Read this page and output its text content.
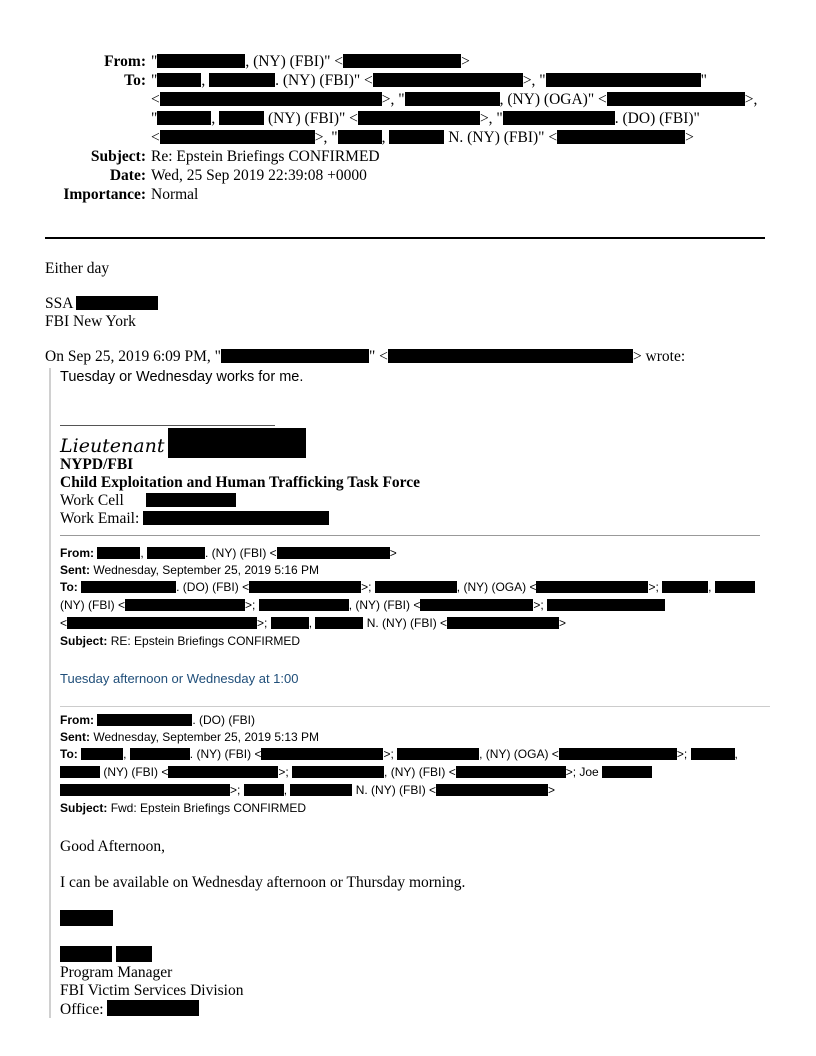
From: "	, (NY) (FBI)" <	>
To: "	,	. (NY) (FBI)" <	>, "	"
<	>, "	, (NY) (OGA)" <	>,
"	,	(NY) (FBI)" <	>, "	. (DO) (FBI)"
<	>, "	,	N. (NY) (FBI)" <	>
Subject: Re: Epstein Briefings CONFIRMED
Date: Wed, 25 Sep 2019 22:39:08 +0000
Importance: Normal
Either day
SSA
FBI New York
On Sep 25, 2019 6:09 PM, "	" <	> wrote:
Tuesday or Wednesday works for me.
Lieutenant
NYPD/FBI
Child Exploitation and Human Trafficking Task Force
Work Cell
Work Email:
From:	,	. (NY) (FBI) <	>
Sent: Wednesday, September 25, 2019 5:16 PM
To:	. (DO) (FBI) <	>;	, (NY) (OGA) <	>;	,
(NY) (FBI) <	>;	, (NY) (FBI) <	>;
<	>;	,	N. (NY) (FBI) <	>
Subject: RE: Epstein Briefings CONFIRMED
Tuesday afternoon or Wednesday at 1:00
From:	. (DO) (FBI)
Sent: Wednesday, September 25, 2019 5:13 PM
To:	,	. (NY) (FBI) <	>;	, (NY) (OGA) <	>;	,
(NY) (FBI) <	>;	, (NY) (FBI) <	>; Joe
>;	,	N. (NY) (FBI) <	>
Subject: Fwd: Epstein Briefings CONFIRMED
Good Afternoon,
I can be available on Wednesday afternoon or Thursday morning.
Program Manager
FBI Victim Services Division
Office:
